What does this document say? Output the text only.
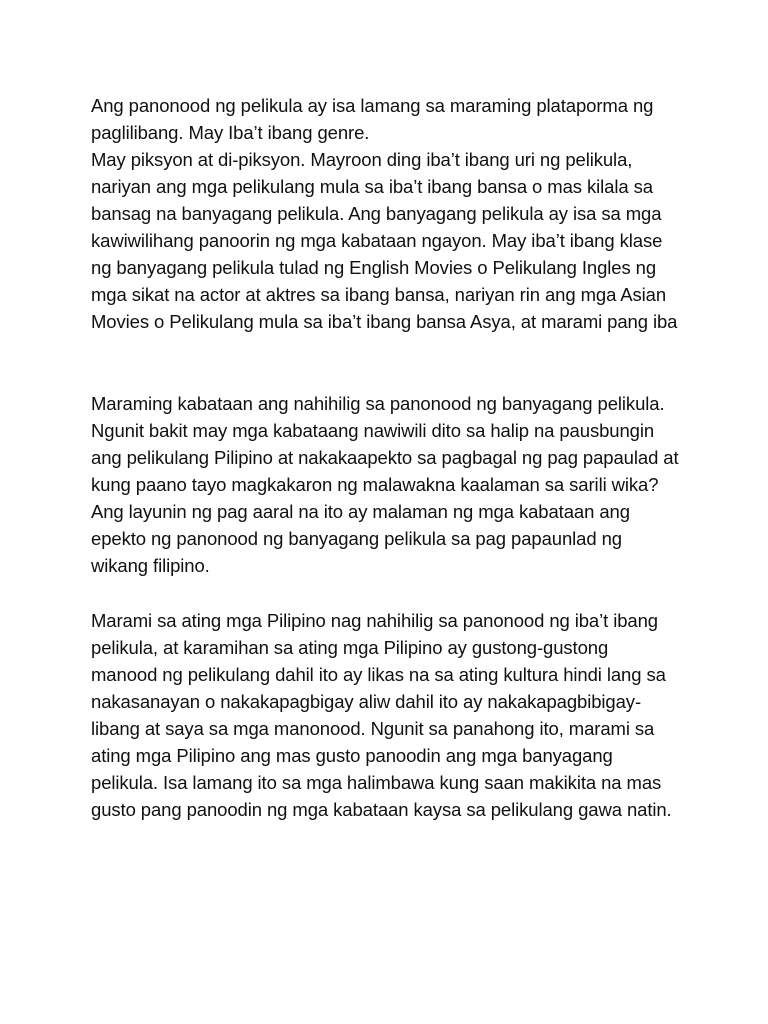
Ang panonood ng pelikula ay isa lamang sa maraming plataporma ng
paglilibang. May Iba’t ibang genre.
May piksyon at di-piksyon. Mayroon ding iba’t ibang uri ng pelikula,
nariyan ang mga pelikulang mula sa iba’t ibang bansa o mas kilala sa
bansag na banyagang pelikula. Ang banyagang pelikula ay isa sa mga
kawiwilihang panoorin ng mga kabataan ngayon. May iba’t ibang klase
ng banyagang pelikula tulad ng English Movies o Pelikulang Ingles ng
mga sikat na actor at aktres sa ibang bansa, nariyan rin ang mga Asian
Movies o Pelikulang mula sa iba’t ibang bansa Asya, at marami pang iba
Maraming kabataan ang nahihilig sa panonood ng banyagang pelikula.
Ngunit bakit may mga kabataang nawiwili dito sa halip na pausbungin
ang pelikulang Pilipino at nakakaapekto sa pagbagal ng pag papaulad at
kung paano tayo magkakaron ng malawakna kaalaman sa sarili wika?
Ang layunin ng pag aaral na ito ay malaman ng mga kabataan ang
epekto ng panonood ng banyagang pelikula sa pag papaunlad ng
wikang filipino.
Marami sa ating mga Pilipino nag nahihilig sa panonood ng iba’t ibang
pelikula, at karamihan sa ating mga Pilipino ay gustong-gustong
manood ng pelikulang dahil ito ay likas na sa ating kultura hindi lang sa
nakasanayan o nakakapagbigay aliw dahil ito ay nakakapagbibigay-
libang at saya sa mga manonood. Ngunit sa panahong ito, marami sa
ating mga Pilipino ang mas gusto panoodin ang mga banyagang
pelikula. Isa lamang ito sa mga halimbawa kung saan makikita na mas
gusto pang panoodin ng mga kabataan kaysa sa pelikulang gawa natin.
